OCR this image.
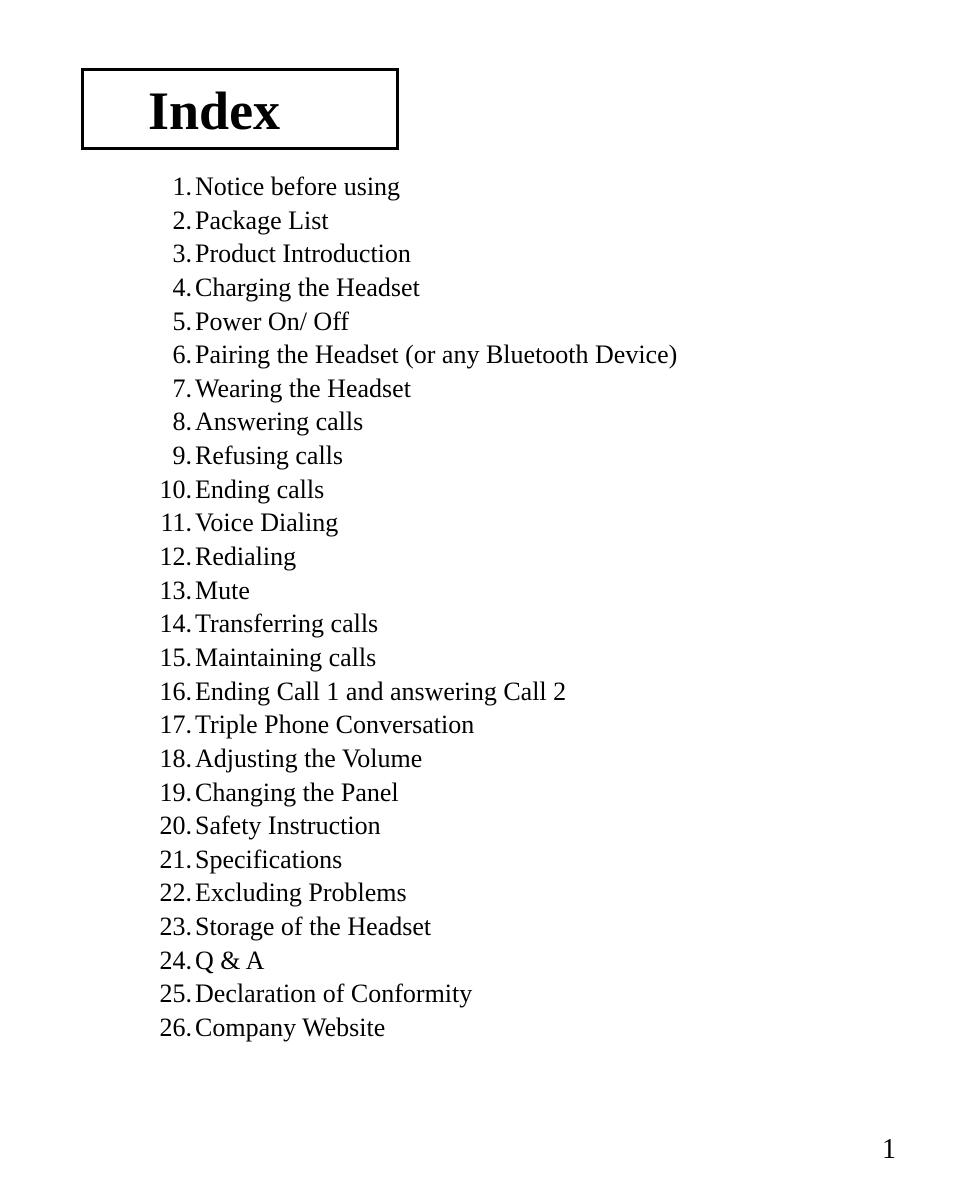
Index
1. Notice before using
2. Package List
3. Product Introduction
4. Charging the Headset
5. Power On/ Off
6. Pairing the Headset (or any Bluetooth Device)
7. Wearing the Headset
8. Answering calls
9. Refusing calls
10. Ending calls
11. Voice Dialing
12. Redialing
13. Mute
14. Transferring calls
15. Maintaining calls
16. Ending Call 1 and answering Call 2
17. Triple Phone Conversation
18. Adjusting the Volume
19. Changing the Panel
20. Safety Instruction
21. Specifications
22. Excluding Problems
23. Storage of the Headset
24. Q & A
25. Declaration of Conformity
26. Company Website
1
